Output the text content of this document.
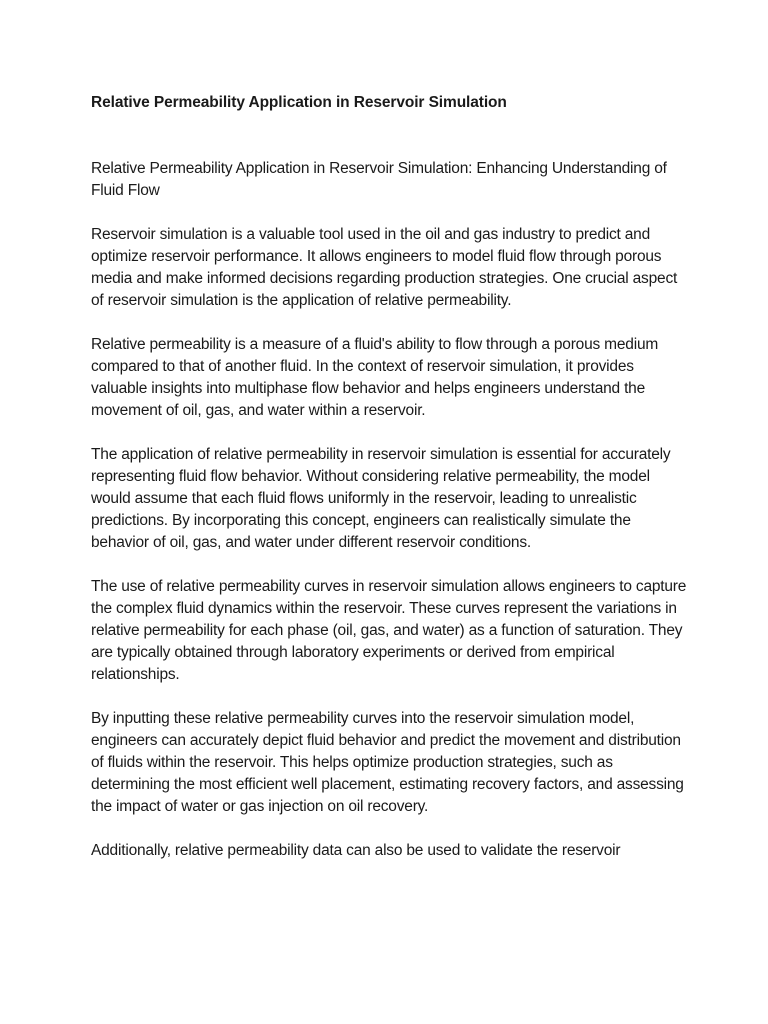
Relative Permeability Application in Reservoir Simulation

Relative Permeability Application in Reservoir Simulation: Enhancing Understanding of Fluid Flow

Reservoir simulation is a valuable tool used in the oil and gas industry to predict and optimize reservoir performance. It allows engineers to model fluid flow through porous media and make informed decisions regarding production strategies. One crucial aspect of reservoir simulation is the application of relative permeability.

Relative permeability is a measure of a fluid's ability to flow through a porous medium compared to that of another fluid. In the context of reservoir simulation, it provides valuable insights into multiphase flow behavior and helps engineers understand the movement of oil, gas, and water within a reservoir.

The application of relative permeability in reservoir simulation is essential for accurately representing fluid flow behavior. Without considering relative permeability, the model would assume that each fluid flows uniformly in the reservoir, leading to unrealistic predictions. By incorporating this concept, engineers can realistically simulate the behavior of oil, gas, and water under different reservoir conditions.

The use of relative permeability curves in reservoir simulation allows engineers to capture the complex fluid dynamics within the reservoir. These curves represent the variations in relative permeability for each phase (oil, gas, and water) as a function of saturation. They are typically obtained through laboratory experiments or derived from empirical relationships.

By inputting these relative permeability curves into the reservoir simulation model, engineers can accurately depict fluid behavior and predict the movement and distribution of fluids within the reservoir. This helps optimize production strategies, such as determining the most efficient well placement, estimating recovery factors, and assessing the impact of water or gas injection on oil recovery.

Additionally, relative permeability data can also be used to validate the reservoir
